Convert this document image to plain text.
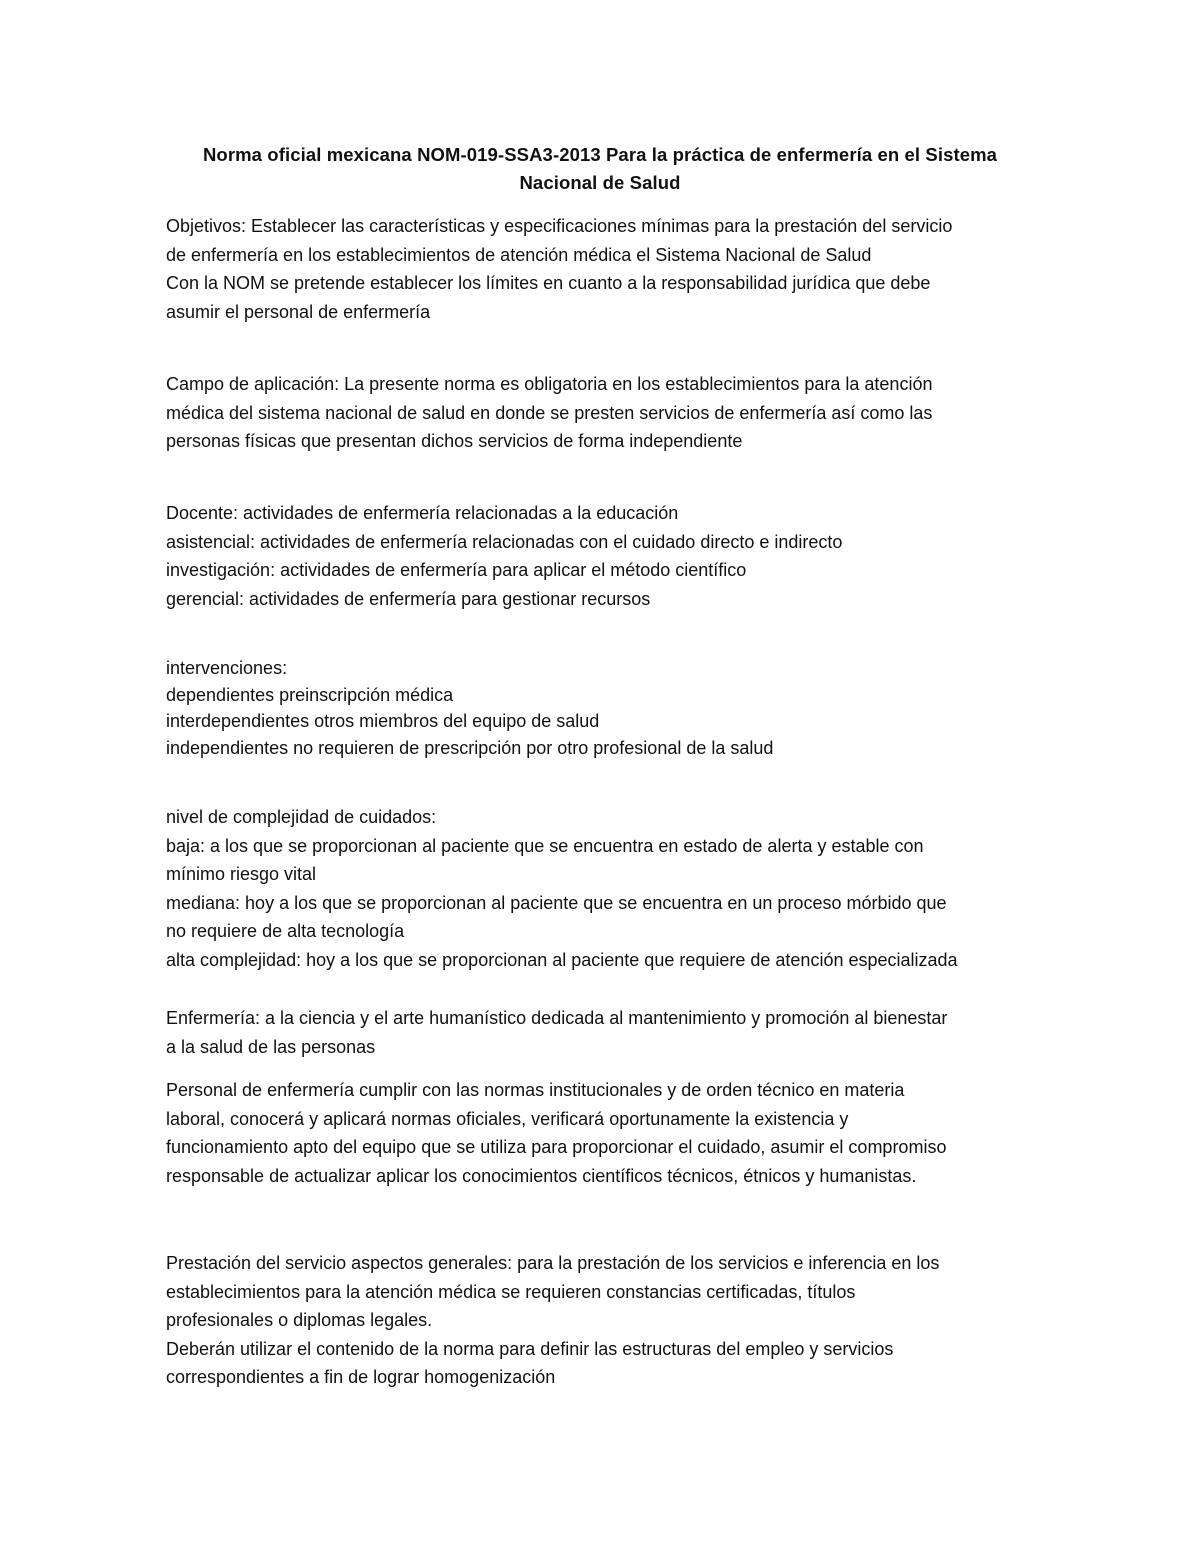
Norma oficial mexicana NOM-019-SSA3-2013 Para la práctica de enfermería en el Sistema
Nacional de Salud
Objetivos: Establecer las características y especificaciones mínimas para la prestación del servicio
de enfermería en los establecimientos de atención médica el Sistema Nacional de Salud
Con la NOM se pretende establecer los límites en cuanto a la responsabilidad jurídica que debe
asumir el personal de enfermería
Campo de aplicación: La presente norma es obligatoria en los establecimientos para la atención
médica del sistema nacional de salud en donde se presten servicios de enfermería así como las
personas físicas que presentan dichos servicios de forma independiente
Docente: actividades de enfermería relacionadas a la educación
asistencial: actividades de enfermería relacionadas con el cuidado directo e indirecto
investigación: actividades de enfermería para aplicar el método científico
gerencial: actividades de enfermería para gestionar recursos
intervenciones:
dependientes preinscripción médica
interdependientes otros miembros del equipo de salud
independientes no requieren de prescripción por otro profesional de la salud
nivel de complejidad de cuidados:
baja: a los que se proporcionan al paciente que se encuentra en estado de alerta y estable con
mínimo riesgo vital
mediana: hoy a los que se proporcionan al paciente que se encuentra en un proceso mórbido que
no requiere de alta tecnología
alta complejidad: hoy a los que se proporcionan al paciente que requiere de atención especializada
Enfermería: a la ciencia y el arte humanístico dedicada al mantenimiento y promoción al bienestar
a la salud de las personas
Personal de enfermería cumplir con las normas institucionales y de orden técnico en materia
laboral, conocerá y aplicará normas oficiales, verificará oportunamente la existencia y
funcionamiento apto del equipo que se utiliza para proporcionar el cuidado, asumir el compromiso
responsable de actualizar aplicar los conocimientos científicos técnicos, étnicos y humanistas.
Prestación del servicio aspectos generales: para la prestación de los servicios e inferencia en los
establecimientos para la atención médica se requieren constancias certificadas, títulos
profesionales o diplomas legales.
Deberán utilizar el contenido de la norma para definir las estructuras del empleo y servicios
correspondientes a fin de lograr homogenización
